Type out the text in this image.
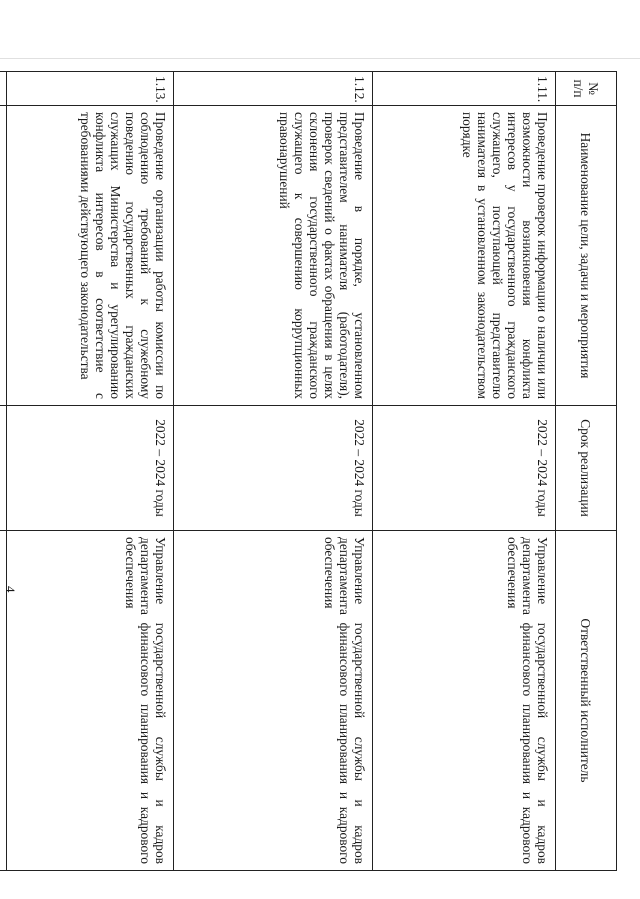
4
№ п/п	Наименование цели, задачи и мероприятия	Срок реализации	Ответственный исполнитель
1.11.	Проведение проверок информации о наличии или возможности возникновения конфликта интересов у государственного гражданского служащего, поступающей представителю нанимателя в установленном законодательством порядке	2022 – 2024 годы	Управление государственной службы и кадров департамента финансового планирования и кадрового обеспечения

1.12.	Проведение в порядке, установленном представителем нанимателя (работодателя), проверок сведений о фактах обращения в целях склонения государственного гражданского служащего к совершению коррупционных правонарушений	2022 – 2024 годы	Управление государственной службы и кадров департамента финансового планирования и кадрового обеспечения

1.13.	Проведение организации работы комиссии по соблюдению требований к служебному поведению государственных гражданских служащих Министерства и урегулированию конфликта интересов в соответствие с требованиями действующего законодательства	2022 – 2024 годы	Управление государственной службы и кадров департамента финансового планирования и кадрового обеспечения
